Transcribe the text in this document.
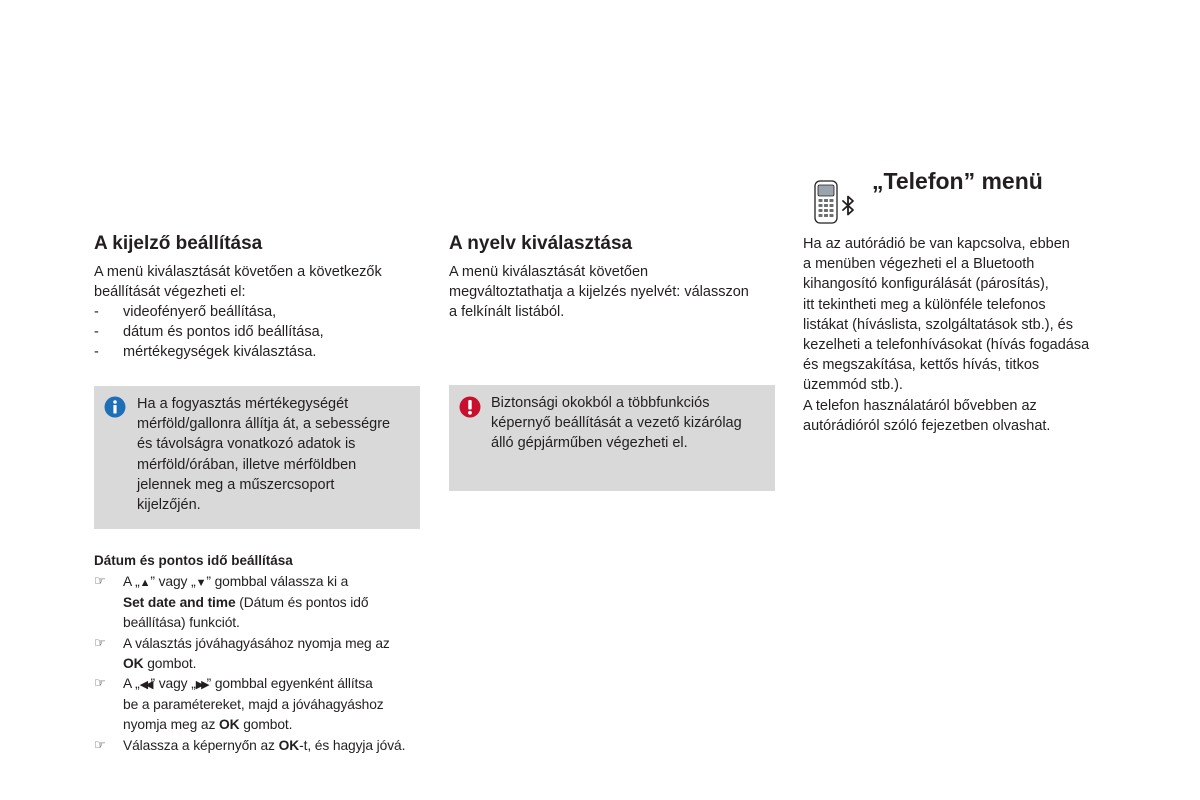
A kijelző beállítása
A menü kiválasztását követően a következők
beállítását végezheti el:
- videofényerő beállítása,
- dátum és pontos idő beállítása,
- mértékegységek kiválasztása.
Ha a fogyasztás mértékegységét
mérföld/gallonra állítja át, a sebességre
és távolságra vonatkozó adatok is
mérföld/órában, illetve mérföldben
jelennek meg a műszercsoport
kijelzőjén.
Dátum és pontos idő beállítása
☞ A „▲” vagy „▼” gombbal válassza ki a
Set date and time (Dátum és pontos idő
beállítása) funkciót.
☞ A választás jóváhagyásához nyomja meg az
OK gombot.
☞ A „◀◀” vagy „▶▶” gombbal egyenként állítsa
be a paramétereket, majd a jóváhagyáshoz
nyomja meg az OK gombot.
☞ Válassza a képernyőn az OK-t, és hagyja jóvá.
A nyelv kiválasztása
A menü kiválasztását követően
megváltoztathatja a kijelzés nyelvét: válasszon
a felkínált listából.
Biztonsági okokból a többfunkciós
képernyő beállítását a vezető kizárólag
álló gépjárműben végezheti el.
„Telefon” menü
Ha az autórádió be van kapcsolva, ebben
a menüben végezheti el a Bluetooth
kihangosító konfigurálását (párosítás),
itt tekintheti meg a különféle telefonos
listákat (híváslista, szolgáltatások stb.), és
kezelheti a telefonhívásokat (hívás fogadása
és megszakítása, kettős hívás, titkos
üzemmód stb.).
A telefon használatáról bővebben az
autórádióról szóló fejezetben olvashat.
